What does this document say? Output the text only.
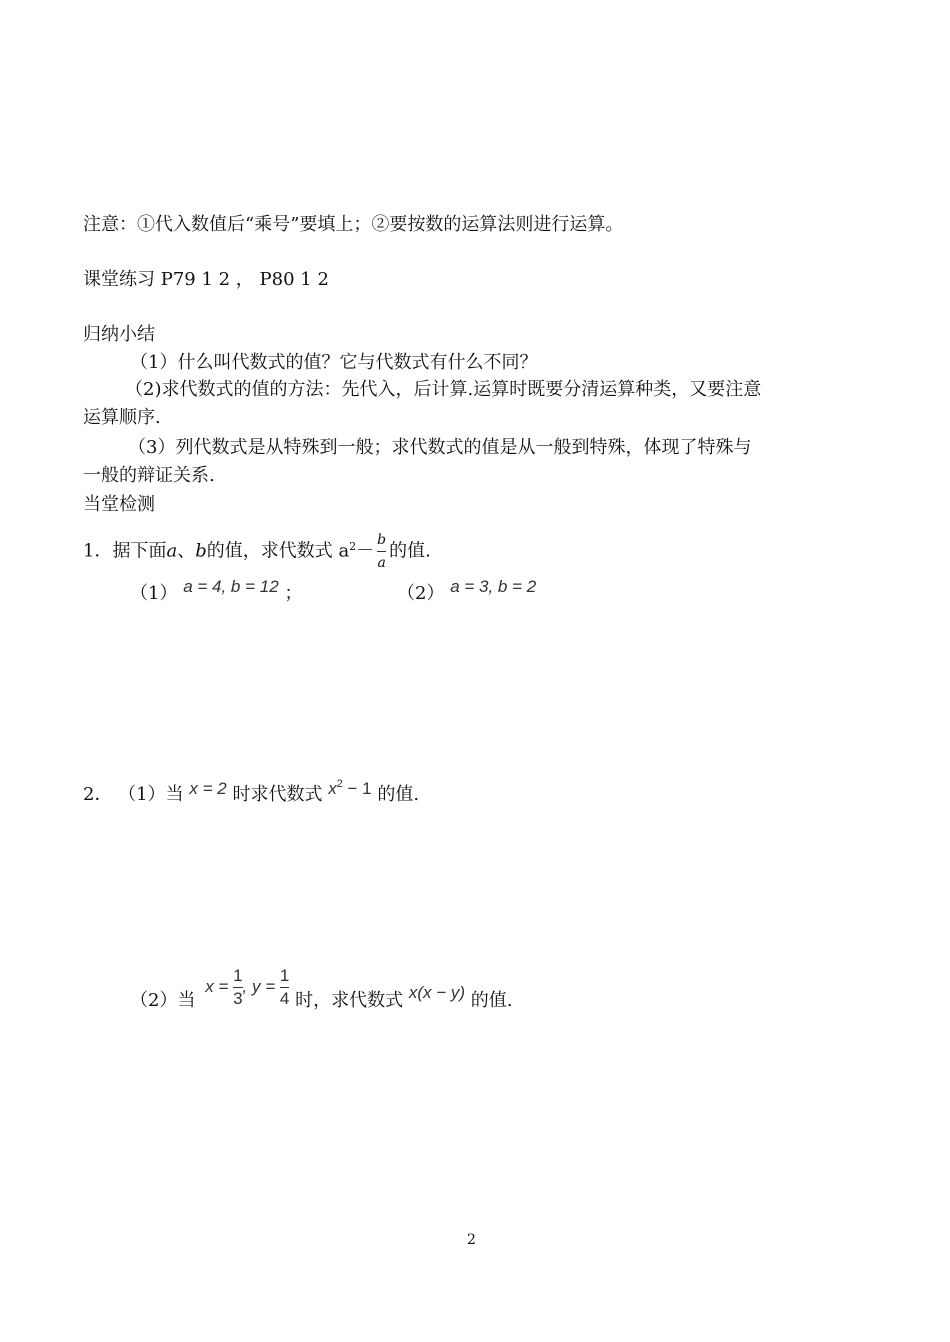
注意：①代入数值后“乘号”要填上；②要按数的运算法则进行运算。
课堂练习 P79 1 2 ， P80 1 2
归纳小结
（1）什么叫代数式的值？它与代数式有什么不同？
（2)求代数式的值的方法：先代入，后计算.运算时既要分清运算种类，又要注意
运算顺序.
（3）列代数式是从特殊到一般；求代数式的值是从一般到特殊，体现了特殊与
一般的辩证关系.
当堂检测
1．据下面a、b的值，求代数式 $a^2- \frac{b}{a}$ 的值.
（1） a = 4, b = 12 ；	（2） a = 3, b = 2
2． （1）当 x = 2 时求代数式 $x^2 - 1$ 的值.
（2）当 $x = \frac{1}{3}$ , $y = \frac{1}{4}$ 时，求代数式 x(x − y) 的值.
2
